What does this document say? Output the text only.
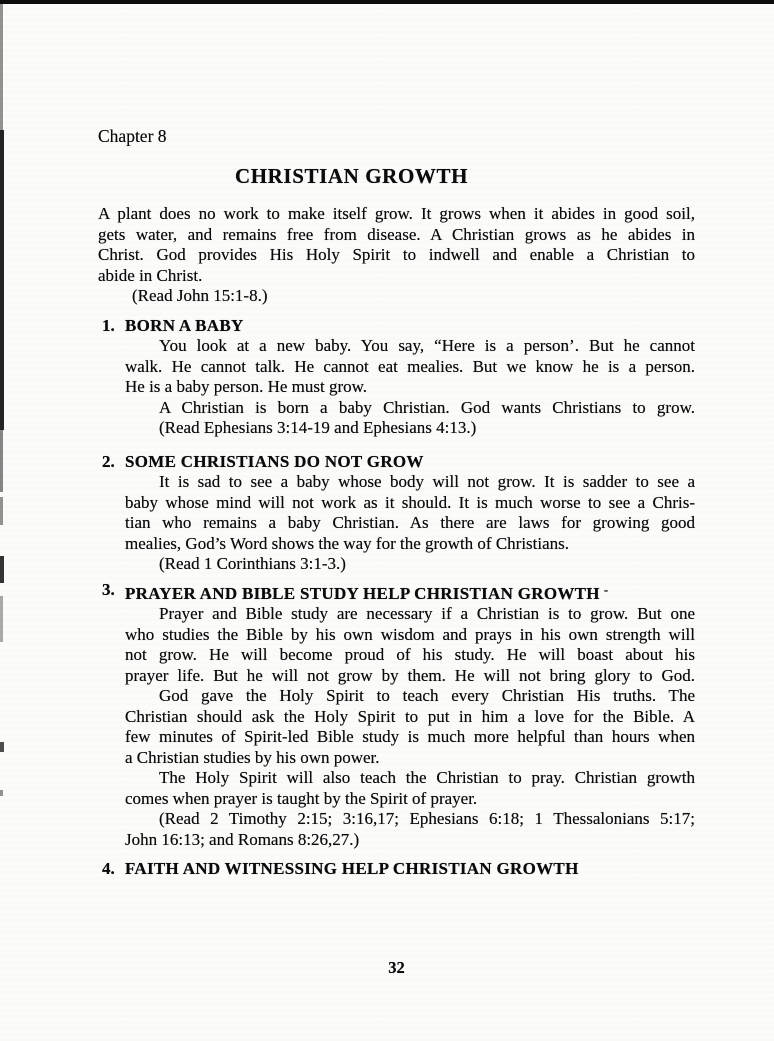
Chapter 8
CHRISTIAN GROWTH
A plant does no work to make itself grow. It grows when it abides in good soil,
gets water, and remains free from disease. A Christian grows as he abides in
Christ. God provides His Holy Spirit to indwell and enable a Christian to
abide in Christ.
(Read John 15:1-8.)
1. BORN A BABY
You look at a new baby. You say, “Here is a person’. But he cannot
walk. He cannot talk. He cannot eat mealies. But we know he is a person.
He is a baby person. He must grow.
A Christian is born a baby Christian. God wants Christians to grow.
(Read Ephesians 3:14-19 and Ephesians 4:13.)
2. SOME CHRISTIANS DO NOT GROW
It is sad to see a baby whose body will not grow. It is sadder to see a
baby whose mind will not work as it should. It is much worse to see a Chris-
tian who remains a baby Christian. As there are laws for growing good
mealies, God’s Word shows the way for the growth of Christians.
(Read 1 Corinthians 3:1-3.)
3. PRAYER AND BIBLE STUDY HELP CHRISTIAN GROWTH -
Prayer and Bible study are necessary if a Christian is to grow. But one
who studies the Bible by his own wisdom and prays in his own strength will
not grow. He will become proud of his study. He will boast about his
prayer life. But he will not grow by them. He will not bring glory to God.
God gave the Holy Spirit to teach every Christian His truths. The
Christian should ask the Holy Spirit to put in him a love for the Bible. A
few minutes of Spirit-led Bible study is much more helpful than hours when
a Christian studies by his own power.
The Holy Spirit will also teach the Christian to pray. Christian growth
comes when prayer is taught by the Spirit of prayer.
(Read 2 Timothy 2:15; 3:16,17; Ephesians 6:18; 1 Thessalonians 5:17;
John 16:13; and Romans 8:26,27.)
4. FAITH AND WITNESSING HELP CHRISTIAN GROWTH
32
